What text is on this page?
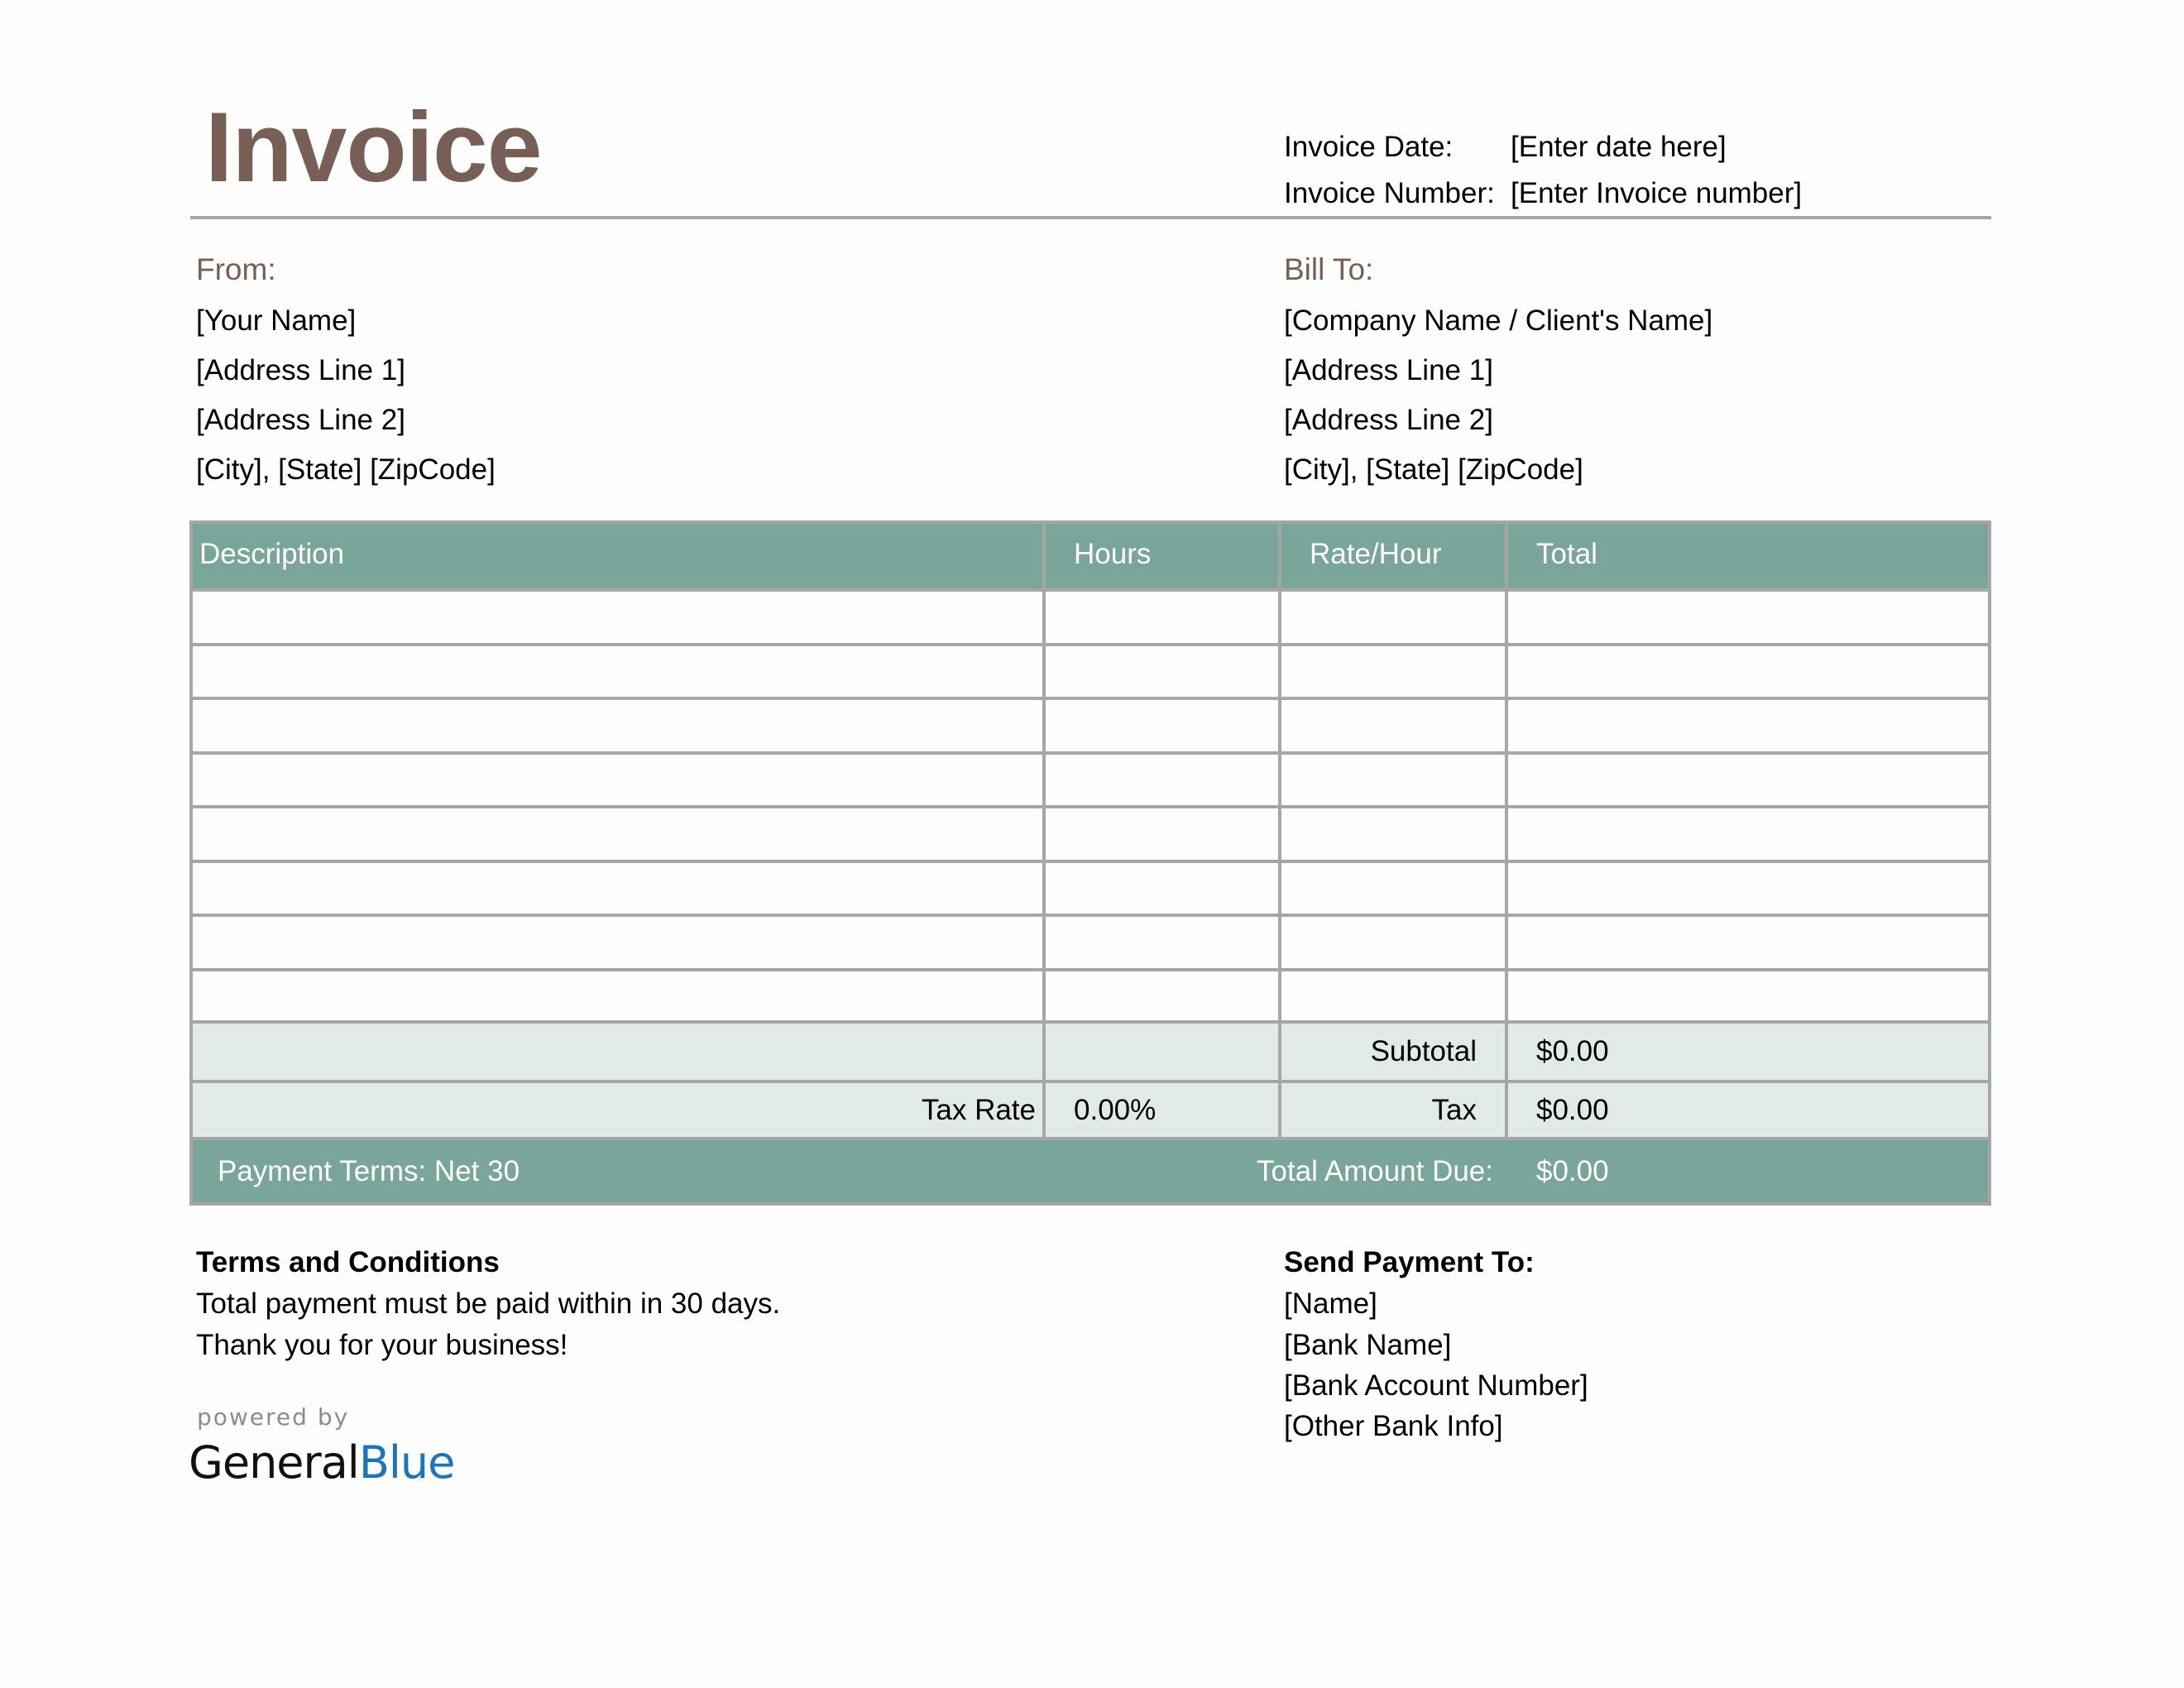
Invoice	Invoice Date: [Enter date here]
Invoice Number: [Enter Invoice number]
From:
[Your Name]
[Address Line 1]
[Address Line 2]
[City], [State] [ZipCode]
Bill To:
[Company Name / Client's Name]
[Address Line 1]
[Address Line 2]
[City], [State] [ZipCode]
Description	Hours	Rate/Hour	Total
Subtotal $0.00
Tax Rate 0.00%	Tax $0.00
Payment Terms: Net 30	Total Amount Due: $0.00
Terms and Conditions
Total payment must be paid within in 30 days.
Thank you for your business!
Send Payment To:
[Name]
[Bank Name]
[Bank Account Number]
[Other Bank Info]
powered by
GeneralBlue
